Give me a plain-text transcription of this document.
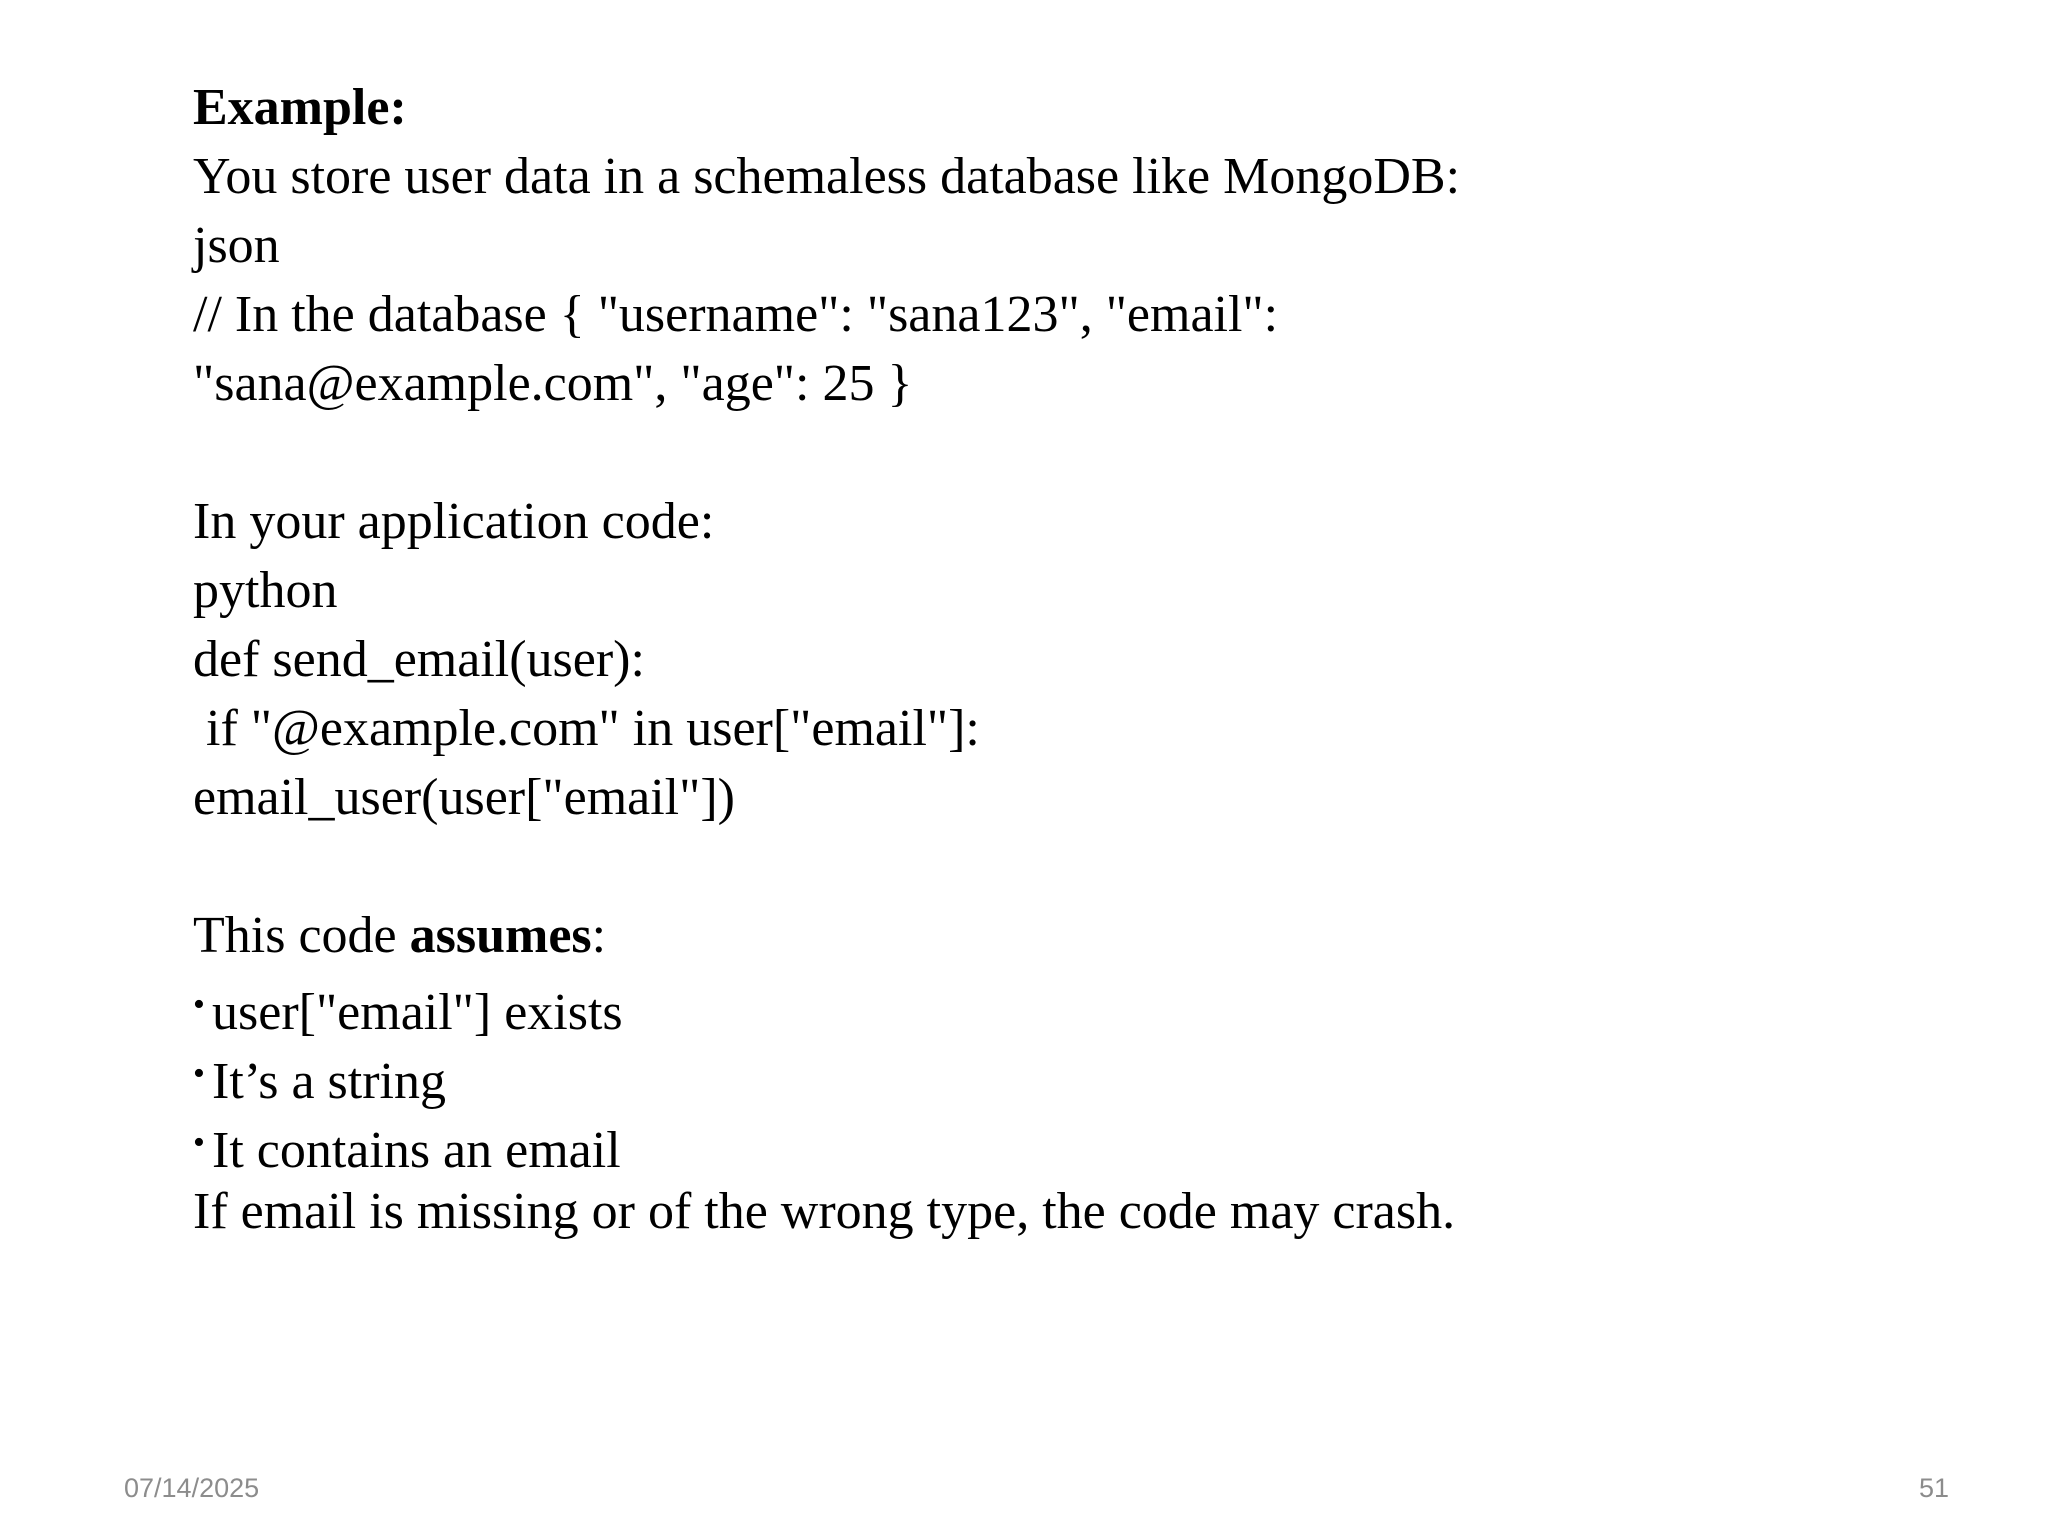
Example:
You store user data in a schemaless database like MongoDB:
json
// In the database { "username": "sana123", "email":
"sana@example.com", "age": 25 }
In your application code:
python
def send_email(user):
if "@example.com" in user["email"]:
email_user(user["email"])
This code assumes:
• user["email"] exists
• It’s a string
• It contains an email
If email is missing or of the wrong type, the code may crash.
07/14/2025	51
